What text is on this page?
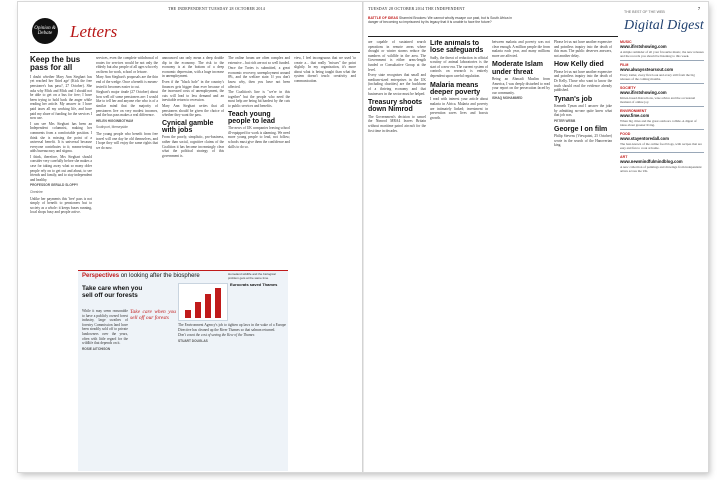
THE INDEPENDENT TUESDAY 28 OCTOBER 2014
Opinion & Debate	Letters
Keep the bus pass for all

I doubt whether Mary Ann Sieghart has yet reached her 'third age' (Kick the free pensioner's bus pass?, 27 October). She asks why Mick and Mick and I should not be able to get on a bus for free; I have been trying to hold back the anger while reading her article. My answer is: I have paid taxes all my working life, and have paid my share of funding for the services I now use.

I can see Mrs Sieghart has been an Independent columnist, making her comments from a comfortable position. I think she is missing the point of a universal benefit. It is universal because everyone contributes to it; means-testing adds bureaucracy and stigma.

I think, therefore, Mrs Sieghart should consider very carefully before she makes a case for taking away what so many older people rely on to get out and about, to see friends and family, and to stay independent and healthy.

PROFESSOR GERALD SLOPPY
Cheshire

Unlike her payments this 'free' pass is not simply of benefit to pensioners but to society as a whole: it keeps buses running, local shops busy and people active.

services, even the complete withdrawal of routes for services would be not only the elderly but also people of all ages who rely on them for work, school or leisure.

Mary Ann Sieghart's proposals are the thin end of the wedge. Once a benefit is means-tested it becomes easier to cut.

Sieghart's major tirade (27 October) about how well off some pensioners are: I would like to tell her and anyone else who is of a similar mind that the majority of pensioners live on very modest incomes, and the bus pass makes a real difference.

HELEN HIGGINBOTHAM
Southport, Merseyside

The young people who benefit from free travel will one day be old themselves, and I hope they will enjoy the same rights that we do now.

announced can only mean a deep double dip in the economy. The risk to the economy is at the bottom of a deep economic depression, with a huge increase in unemployment.

Even if the "black hole" in the country's finances gets bigger than ever because of the increased costs of unemployment, the cuts will lead to less demand and an inevitable return to recession.

Mary Ann Sieghart writes that all pensioners should be given the choice of whether they want the pass.

Cynical gamble with jobs

From the poorly, simplistic, pro-business, rather than social, cognitive claims of the Coalition it has become increasingly clear what the political strategy of this government is.

The online forum are often complex and extensive – but rich are not so well funded.

Once the Tories is submitted, a great economic recovery, unemployment around 8%, and the welfare state. If you don't know why, then you have not been affected.

The Coalition's line is "we're in this together" but the people who need the most help are being hit hardest by the cuts to public services and benefits.

Teach young people to lead

The news of UK companies leaving school ill-equipped for work is alarming. We need more young people to lead, not follow; schools must give them the confidence and skills to do so.

view, I feel incongruous that we used 'to create a... that really "misses" the point slightly. In my organisation, it's more about what is being taught than what the system doesn't teach: creativity and communication.

Perspectives on looking after the biosphere	Homeland wildlife and the biological problem gets at the same time
Take care when you sell off our forests

While it may seem reasonable to have a publicly owned forest industry, large swathes of forestry Commission land have been steadily sold off to private landowners over the years, often with little regard for the wildlife that depends on it.

ROSIE AITCHISON

Take care when you sell off our forests

Eurocrats saved Thames

The Environment Agency's job to tighten up laws in the wake of a Europe Directive has cleaned up the River Thames so that salmon returned.

Don't count the cost of saving the Kew of the Thames

STUART DOUGLAS
TUESDAY 28 OCTOBER 2014 THE INDEPENDENT	7
BATTLE OF IDEAS Sharmini Brookes: We cannot wholly escape our past, but is South Africa in danger of becoming so imprisoned by its legacy that it is unable to face the future?

are capable of sustained search operations in remote areas where drought or winter storms reduce the numbers of wildlife in the area. The Government is either arms-length funded or Consultative Group at the level.

Every state recognises that small and medium-sized enterprises in the UK (including charities) are the backbone of a thriving economy and that businesses in the sector must be helped.

Treasury shoots down Nimrod

The Government's decision to cancel the Nimrod MRA4 leaves Britain without maritime patrol aircraft for the first time in decades.

Life animals to lose safeguards

Sadly, the threat of reduction in official scrutiny of animal laboratories is the start of a new era. The current system of controls on research is entirely dependent upon careful regulation.

Malaria means deeper poverty

I read with interest your article about malaria in Africa. Malaria and poverty are intimately linked; investment in prevention saves lives and boosts growth.

between malaria and poverty was not clear enough. A million people die from malaria each year, and many millions more are affected.

Moderate Islam under threat

Being an Ahmadi Muslim from America, I was deeply disturbed to read your report on the persecution faced by our community.

ISHAQ MOHAMMED

Please let us not have another expensive and pointless inquiry into the death of this man. The public deserves answers, not another delay.

How Kelly died

Please let us not have another expensive and pointless inquiry into the death of Dr Kelly. Those who want to know the truth should read the evidence already published.

Tynan's job

Kenneth Tynan and I answer the joke by admitting no-one quite knew what that job was.

PETER WEBB
George I on film

Philip Stevens (Viewpoint, 25 October) wrote in the search of the Hanoverian king.

THE BEST OF THE WEB
Digital Digest
MUSIC
www.ifirstshowing.com
A simple reminder of all your favourite music, the new releases and the records you should be listening to this week.
FILM
www.alwaysstearsout.com
Every trailer, every first look and every still from the big releases of the coming months.
SOCIETY
www.ifirstshowing.com
Kitten-based distractions, wise advice and the occasional moment of online joy.
ENVIRONMENT
www.fime.com
When big cities and the great outdoors collide. A digest of ideas about greener living.
FOOD
www.stayentoredall.com
The best-known of the online food blogs, with recipes that are easy and fun to cook at home.
ART
www.newmindfulmindblog.com
A new collection of paintings and drawings from independent artists across the UK.
